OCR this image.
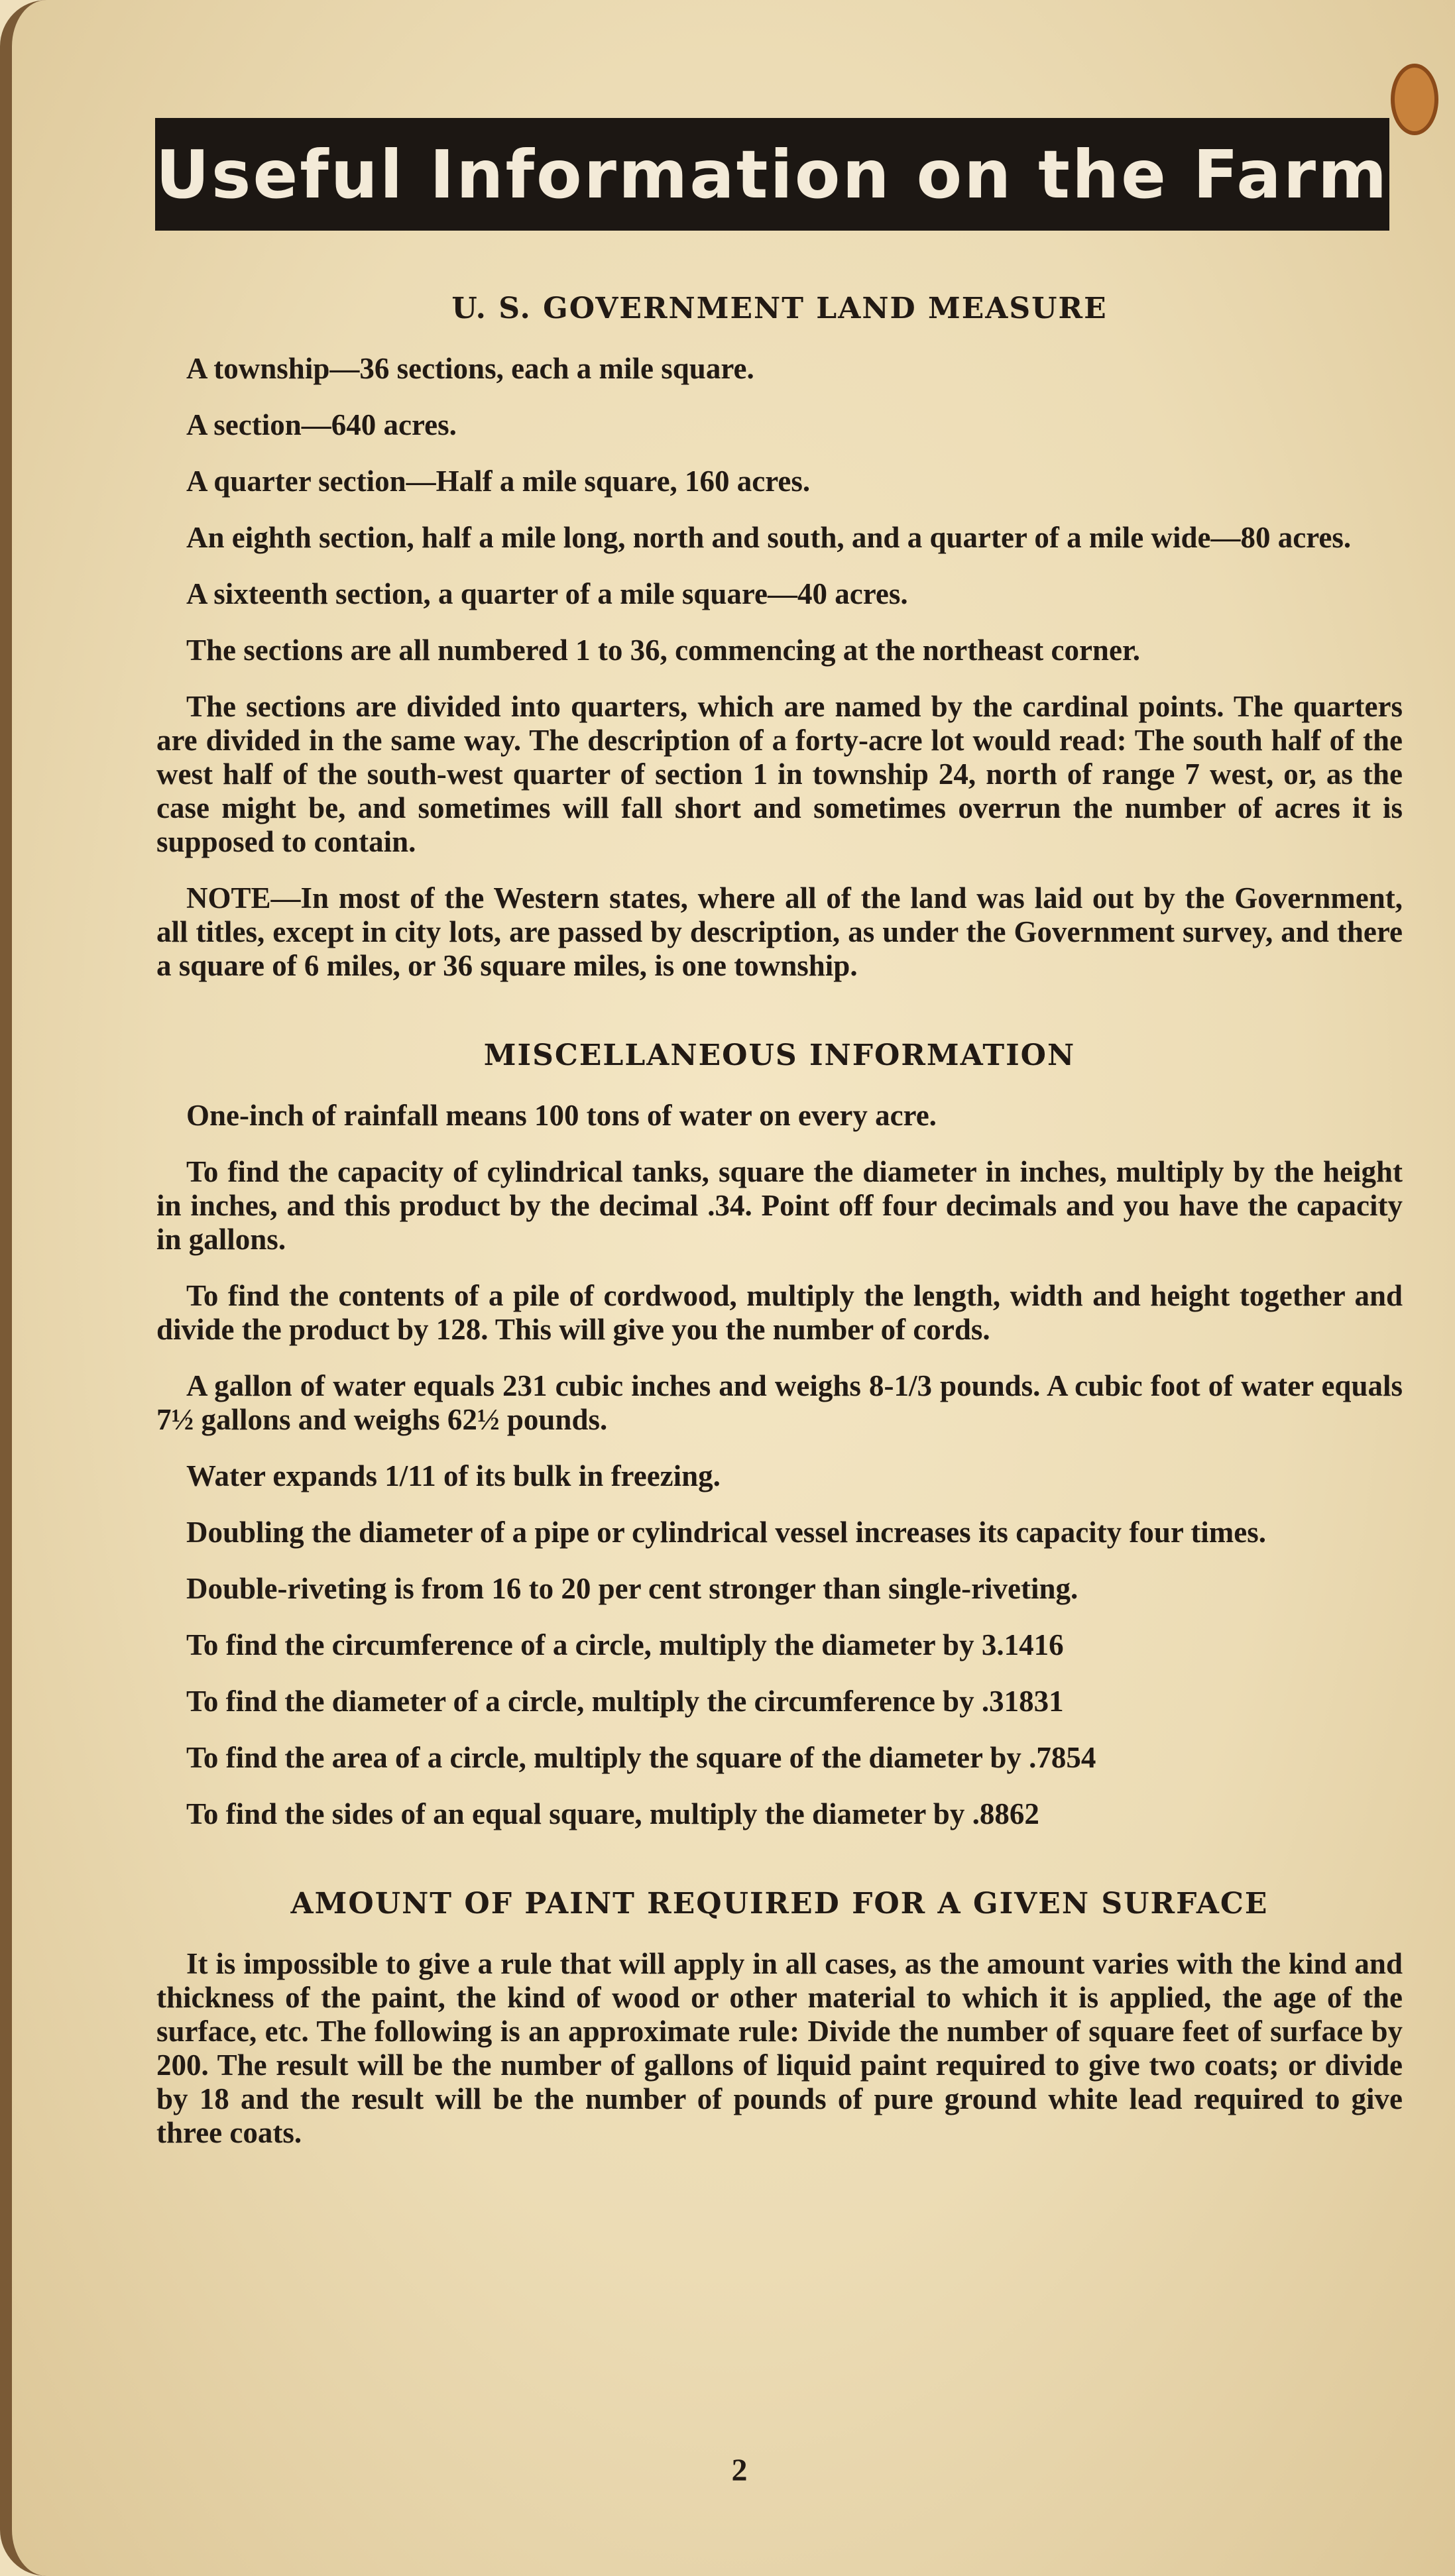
Useful Information on the Farm
U. S. GOVERNMENT LAND MEASURE

A township—36 sections, each a mile square.

A section—640 acres.

A quarter section—Half a mile square, 160 acres.

An eighth section, half a mile long, north and south, and a quarter of a mile wide—80 acres.

A sixteenth section, a quarter of a mile square—40 acres.

The sections are all numbered 1 to 36, commencing at the northeast corner.

The sections are divided into quarters, which are named by the cardinal points. The quarters are divided in the same way. The description of a forty-acre lot would read: The south half of the west half of the south-west quarter of section 1 in township 24, north of range 7 west, or, as the case might be, and sometimes will fall short and sometimes overrun the number of acres it is supposed to contain.

NOTE—In most of the Western states, where all of the land was laid out by the Government, all titles, except in city lots, are passed by description, as under the Government survey, and there a square of 6 miles, or 36 square miles, is one township.

MISCELLANEOUS INFORMATION

One-inch of rainfall means 100 tons of water on every acre.

To find the capacity of cylindrical tanks, square the diameter in inches, multiply by the height in inches, and this product by the decimal .34. Point off four decimals and you have the capacity in gallons.

To find the contents of a pile of cordwood, multiply the length, width and height together and divide the product by 128. This will give you the number of cords.

A gallon of water equals 231 cubic inches and weighs 8-1/3 pounds. A cubic foot of water equals 7½ gallons and weighs 62½ pounds.

Water expands 1/11 of its bulk in freezing.

Doubling the diameter of a pipe or cylindrical vessel increases its capacity four times.

Double-riveting is from 16 to 20 per cent stronger than single-riveting.

To find the circumference of a circle, multiply the diameter by 3.1416

To find the diameter of a circle, multiply the circumference by .31831

To find the area of a circle, multiply the square of the diameter by .7854

To find the sides of an equal square, multiply the diameter by .8862

AMOUNT OF PAINT REQUIRED FOR A GIVEN SURFACE

It is impossible to give a rule that will apply in all cases, as the amount varies with the kind and thickness of the paint, the kind of wood or other material to which it is applied, the age of the surface, etc. The following is an approximate rule: Divide the number of square feet of surface by 200. The result will be the number of gallons of liquid paint required to give two coats; or divide by 18 and the result will be the number of pounds of pure ground white lead required to give three coats.

2
